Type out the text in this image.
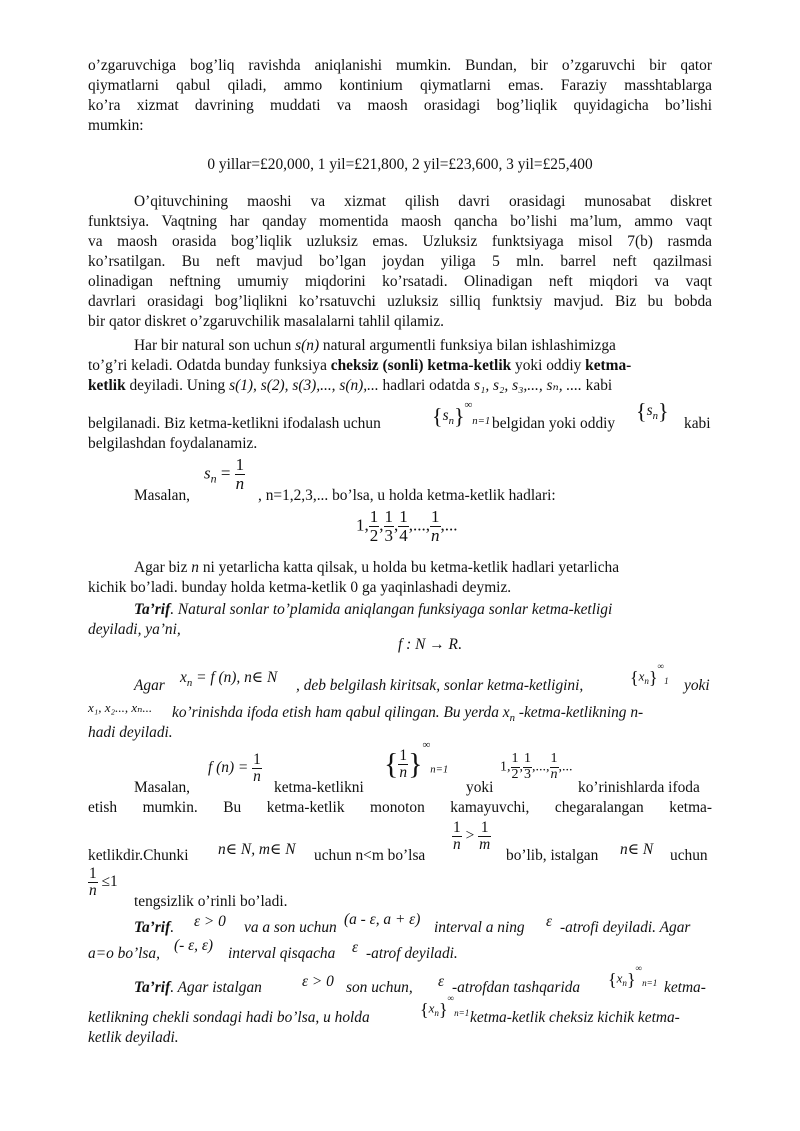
o’zgaruvchiga bog’liq ravishda aniqlanishi mumkin. Bundan, bir o’zgaruvchi bir qator
qiymatlarni qabul qiladi, ammo kontinium qiymatlarni emas. Faraziy masshtablarga
ko’ra xizmat davrining muddati va maosh orasidagi bog’liqlik quyidagicha bo’lishi
mumkin:
0 yillar=£20,000, 1 yil=£21,800, 2 yil=£23,600, 3 yil=£25,400
O’qituvchining maoshi va xizmat qilish davri orasidagi munosabat diskret
funktsiya. Vaqtning har qanday momentida maosh qancha bo’lishi ma’lum, ammo vaqt
va maosh orasida bog’liqlik uzluksiz emas. Uzluksiz funktsiyaga misol 7(b) rasmda
ko’rsatilgan. Bu neft mavjud bo’lgan joydan yiliga 5 mln. barrel neft qazilmasi
olinadigan neftning umumiy miqdorini ko’rsatadi. Olinadigan neft miqdori va vaqt
davrlari orasidagi bog’liqlikni ko’rsatuvchi uzluksiz silliq funktsiy mavjud. Biz bu bobda
bir qator diskret o’zgaruvchilik masalalarni tahlil qilamiz.
Har bir natural son uchun s(n) natural argumentli funksiya bilan ishlashimizga
to’g’ri keladi. Odatda bunday funksiya cheksiz (sonli) ketma-ketlik yoki oddiy ketma-
ketlik deyiladi. Uning s(1), s(2), s(3),..., s(n),... hadlari odatda s₁, s₂, s₃,..., sₙ, .... kabi
belgilanadi. Biz ketma-ketlikni ifodalash uchun	$\{s_n\}^\infty_{n=1}$ belgidan yoki oddiy
$\{s_n\}$
kabi
belgilashdan foydalanamiz.
$s_n = \frac{1}{n}$
Masalan,	, n=1,2,3,... bo’lsa, u holda ketma-ketlik hadlari:
1, $\frac{1}{2}$ , $\frac{1}{3}$ , $\frac{1}{4}$ ,..., $\frac{1}{n}$ ,...
Agar biz n ni yetarlicha katta qilsak, u holda bu ketma-ketlik hadlari yetarlicha
kichik bo’ladi. bunday holda ketma-ketlik 0 ga yaqinlashadi deymiz.
Ta’rif. Natural sonlar to’plamida aniqlangan funksiyaga sonlar ketma-ketligi
deyiladi, ya’ni,
f : N → R.
Agar $x_n = f$ (n), n∈ N , deb belgilash kiritsak, sonlar ketma-ketligini,	$\{x_n\}^\infty_1$ yoki
x₁, x₂..., xₙ... ko’rinishda ifoda etish ham qabul qilingan. Bu yerda $x_n$ -ketma-ketlikning n-
hadi deyiladi.
f $(n) = \frac{1}{n}$
Masalan,	ketma-ketlikni
{ $\frac{1}{n} \}^\infty_{n=1}$
yoki
1, $\frac{1}{2}$ , $\frac{1}{3}$ ,..., $\frac{1}{n}$ ,...
ko’rinishlarda ifoda
etish mumkin. Bu ketma-ketlik monoton kamayuvchi, chegaralangan ketma-
ketlikdir.Chunki	n∈ N, m∈ N uchun n<m bo’lsa
$\frac{1}{n} > \frac{1}{m}$
bo’lib, istalgan	n∈ N uchun
$\frac{1}{n} \le 1$
tengsizlik o’rinli bo’ladi.
Ta’rif.	ε > 0 va a son uchun (a - ε, a + ε) interval a ning	ε -atrofi deyiladi. Agar
a=o bo’lsa, (- ε, ε) interval qisqacha	ε -atrof deyiladi.
Ta’rif. Agar istalgan	ε > 0 son uchun,	ε -atrofdan tashqarida	$\{x_n\}^\infty_{n=1}$ ketma-
ketlikning chekli sondagi hadi bo’lsa, u holda	$\{x_n\}^\infty_{n=1}$ ketma-ketlik cheksiz kichik ketma-
ketlik deyiladi.
